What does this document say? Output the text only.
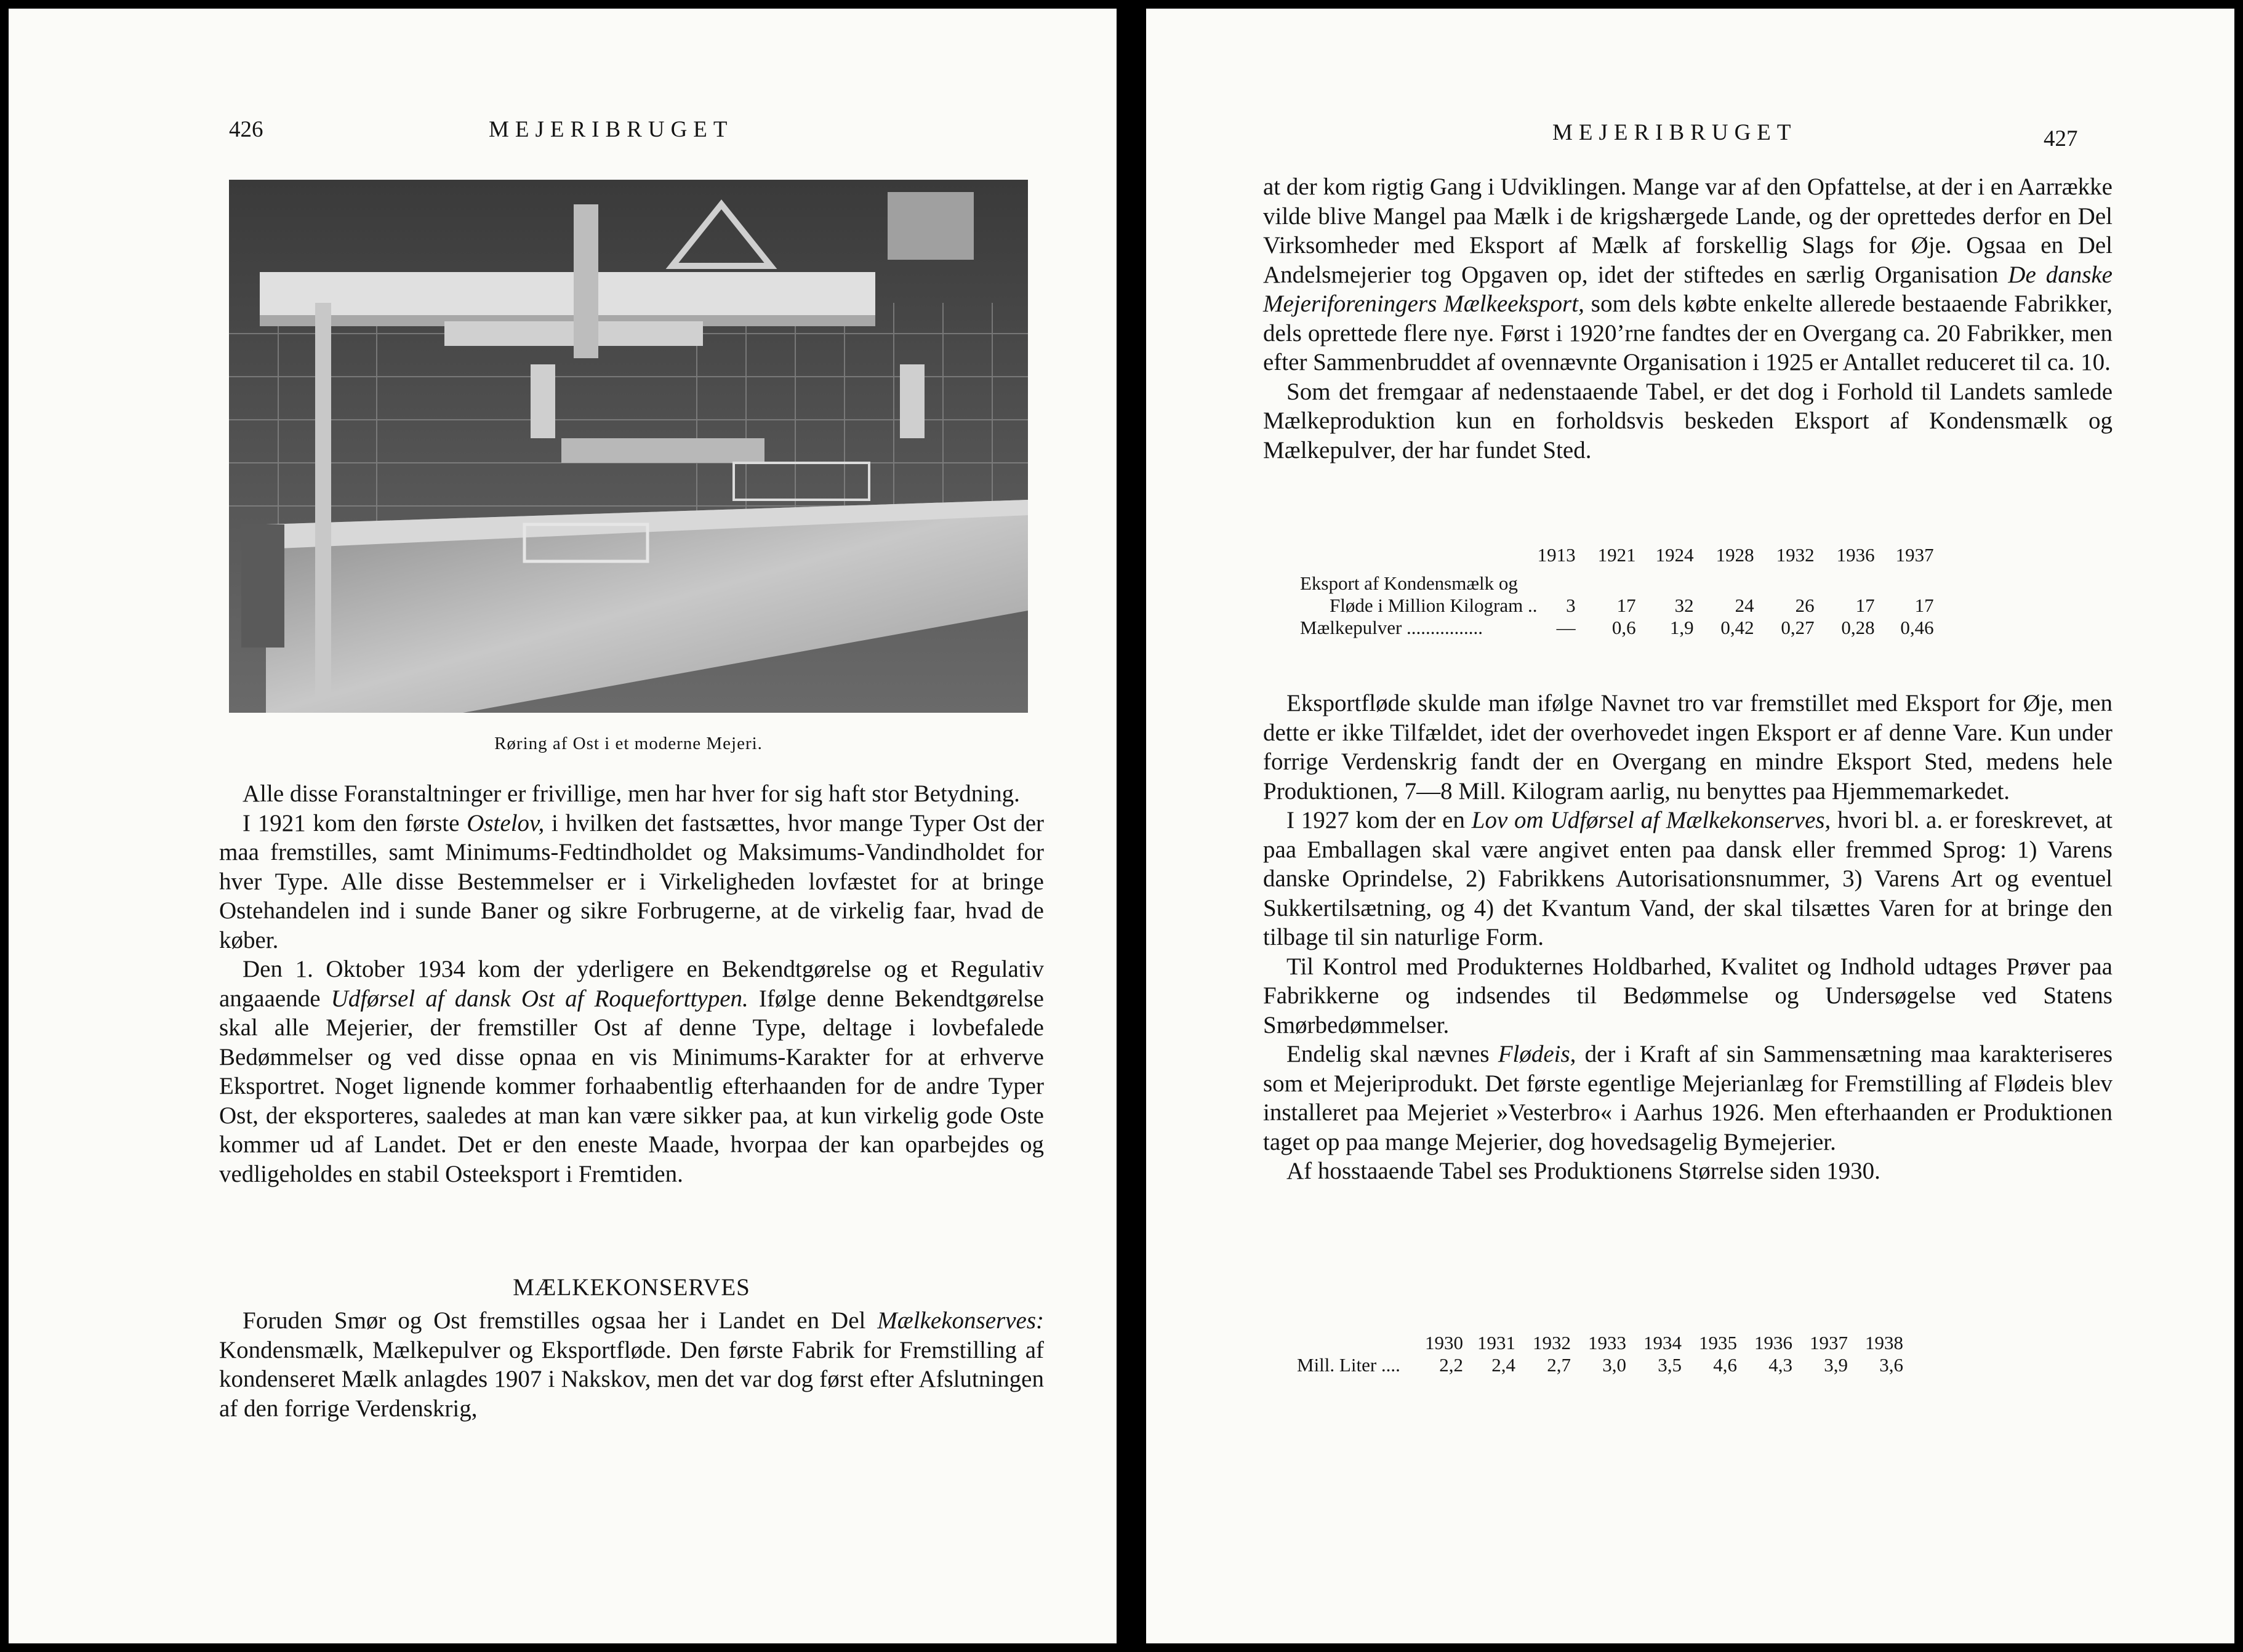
426	MEJERIBRUGET
Røring af Ost i et moderne Mejeri.

Alle disse Foranstaltninger er frivillige, men har hver for sig haft stor Betydning.

I 1921 kom den første Ostelov, i hvilken det fastsættes, hvor mange Typer Ost der maa fremstilles, samt Minimums-Fedtindholdet og Maksimums-Vandindholdet for hver Type. Alle disse Bestemmelser er i Virkeligheden lovfæstet for at bringe Ostehandelen ind i sunde Baner og sikre Forbrugerne, at de virkelig faar, hvad de køber.

Den 1. Oktober 1934 kom der yderligere en Bekendtgørelse og et Regulativ angaaende Udførsel af dansk Ost af Roqueforttypen. Ifølge denne Bekendtgørelse skal alle Mejerier, der fremstiller Ost af denne Type, deltage i lovbefalede Bedømmelser og ved disse opnaa en vis Minimums-Karakter for at erhverve Eksportret. Noget lignende kommer forhaabentlig efterhaanden for de andre Typer Ost, der eksporteres, saaledes at man kan være sikker paa, at kun virkelig gode Oste kommer ud af Landet. Det er den eneste Maade, hvorpaa der kan oparbejdes og vedligeholdes en stabil Osteeksport i Fremtiden.

MÆLKEKONSERVES

Foruden Smør og Ost fremstilles ogsaa her i Landet en Del Mælkekonserves: Kondensmælk, Mælkepulver og Eksportfløde. Den første Fabrik for Fremstilling af kondenseret Mælk anlagdes 1907 i Nakskov, men det var dog først efter Afslutningen af den forrige Verdenskrig,

MEJERIBRUGET	427

at der kom rigtig Gang i Udviklingen. Mange var af den Opfattelse, at der i en Aarrække vilde blive Mangel paa Mælk i de krigshærgede Lande, og der oprettedes derfor en Del Virksomheder med Eksport af Mælk af forskellig Slags for Øje. Ogsaa en Del Andelsmejerier tog Opgaven op, idet der stiftedes en særlig Organisation De danske Mejeriforeningers Mælkeeksport, som dels købte enkelte allerede bestaaende Fabrikker, dels oprettede flere nye. Først i 1920’rne fandtes der en Overgang ca. 20 Fabrikker, men efter Sammenbruddet af ovennævnte Organisation i 1925 er Antallet reduceret til ca. 10.

Som det fremgaar af nedenstaaende Tabel, er det dog i Forhold til Landets samlede Mælkeproduktion kun en forholdsvis beskeden Eksport af Kondensmælk og Mælkepulver, der har fundet Sted.

	1913	1921	1924	1928	1932	1936	1937

Eksport af Kondensmælk og							
Fløde i Million Kilogram ..	3	17	32	24	26	17	17
Mælkepulver ................	—	0,6	1,9	0,42	0,27	0,28	0,46

Eksportfløde skulde man ifølge Navnet tro var fremstillet med Eksport for Øje, men dette er ikke Tilfældet, idet der overhovedet ingen Eksport er af denne Vare. Kun under forrige Verdenskrig fandt der en Overgang en mindre Eksport Sted, medens hele Produktionen, 7—8 Mill. Kilogram aarlig, nu benyttes paa Hjemmemarkedet.

I 1927 kom der en Lov om Udførsel af Mælkekonserves, hvori bl. a. er foreskrevet, at paa Emballagen skal være angivet enten paa dansk eller fremmed Sprog: 1) Varens danske Oprindelse, 2) Fabrikkens Autorisationsnummer, 3) Varens Art og eventuel Sukkertilsætning, og 4) det Kvantum Vand, der skal tilsættes Varen for at bringe den tilbage til sin naturlige Form.

Til Kontrol med Produkternes Holdbarhed, Kvalitet og Indhold udtages Prøver paa Fabrikkerne og indsendes til Bedømmelse og Undersøgelse ved Statens Smørbedømmelser.

Endelig skal nævnes Flødeis, der i Kraft af sin Sammensætning maa karakteriseres som et Mejeriprodukt. Det første egentlige Mejerianlæg for Fremstilling af Flødeis blev installeret paa Mejeriet »Vesterbro« i Aarhus 1926. Men efterhaanden er Produktionen taget op paa mange Mejerier, dog hovedsagelig Bymejerier.

Af hosstaaende Tabel ses Produktionens Størrelse siden 1930.

	1930	1931	1932	1933	1934	1935	1936	1937	1938
Mill. Liter ....	2,2	2,4	2,7	3,0	3,5	4,6	4,3	3,9	3,6
